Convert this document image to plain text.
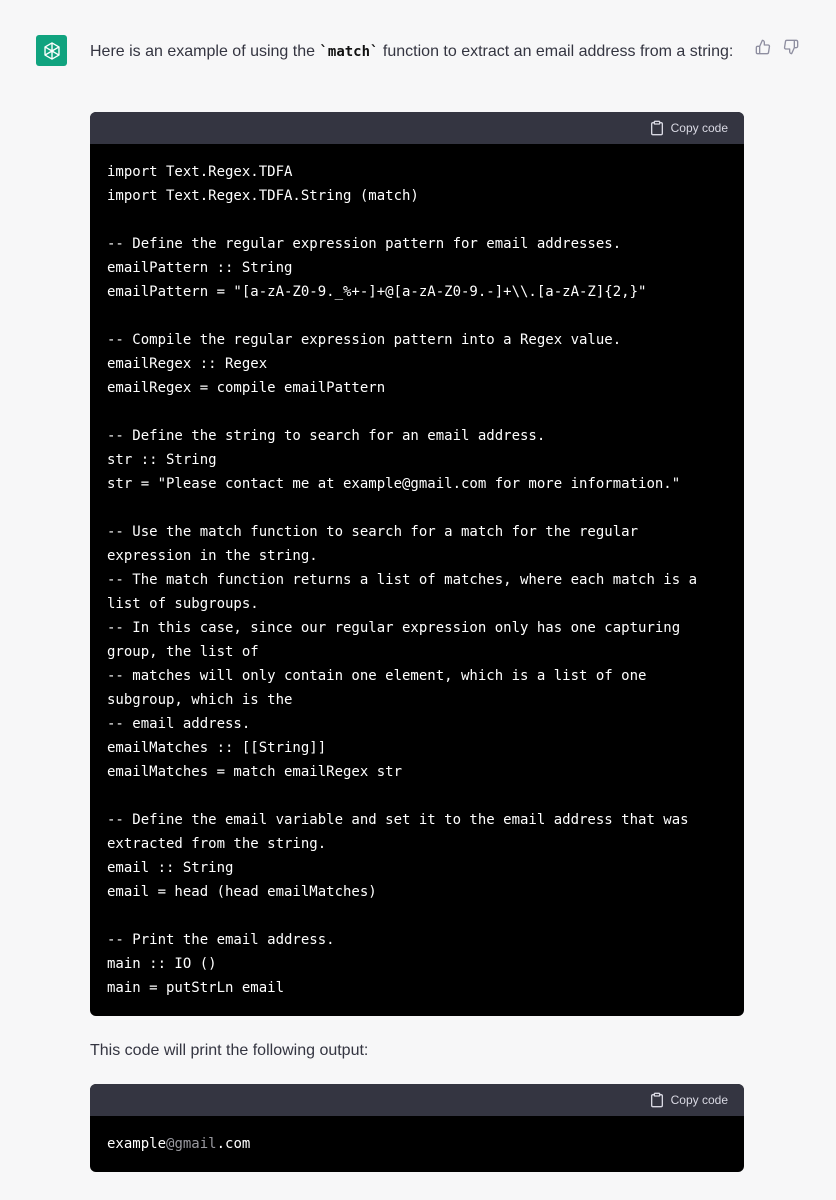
Here is an example of using the `match` function to extract an email address from a string:

Copy code
import Text.Regex.TDFA
import Text.Regex.TDFA.String (match)
-- Define the regular expression pattern for email addresses.
emailPattern :: String
emailPattern = "[a-zA-Z0-9._%+-]+@[a-zA-Z0-9.-]+\\.[a-zA-Z]{2,}"
-- Compile the regular expression pattern into a Regex value.
emailRegex :: Regex
emailRegex = compile emailPattern
-- Define the string to search for an email address.
str :: String
str = "Please contact me at example@gmail.com for more information."
-- Use the match function to search for a match for the regular
expression in the string.
-- The match function returns a list of matches, where each match is a
list of subgroups.
-- In this case, since our regular expression only has one capturing
group, the list of
-- matches will only contain one element, which is a list of one
subgroup, which is the
-- email address.
emailMatches :: [[String]]
emailMatches = match emailRegex str
-- Define the email variable and set it to the email address that was
extracted from the string.
email :: String
email = head (head emailMatches)
-- Print the email address.
main :: IO ()
main = putStrLn email
This code will print the following output:
Copy code
example@gmail.com
